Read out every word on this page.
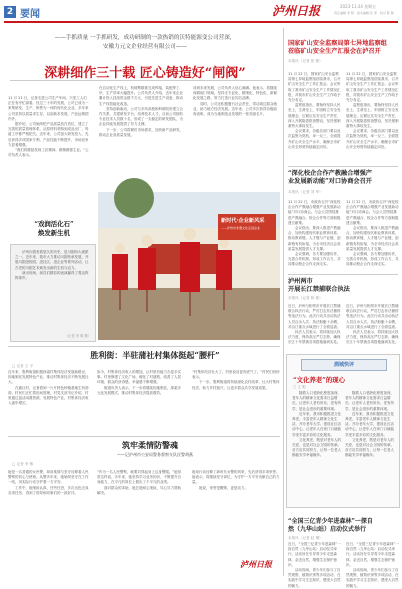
2 要闻	泸州日报	2023·11·24 星期五
责任编辑 李 明　美术编辑 张 青　校对 陈 敏
——手抓质量 一手抓研发，成功研制的一款热销的沃特能源变公司营深，
安徽力元文企业经营有限公司——
深耕细作三十载 匠心铸造好“闸阀”
11 月 21 日，记者走进公司生产车间，只见工人们正在有序忙碌着。经过三十年的发展，公司已成为一家集研发、生产、销售为一体的现代化企业。多年来公司坚持以质量求生存，以创新求发展，产品远销国内外。
　　据介绍，公司始终把产品质量放在首位，建立了完善的质量管理体系，从原材料采购到成品出厂，每道工序都严格把关。近年来，公司加大研发投入，先后获得多项国家专利，产品性能不断提升，市场竞争力显著增强。
　　“我们将继续发扬工匠精神，做精做强主业。”公司负责人表示。
在自动化生产线上，机械臂精准完成焊接、装配等工序，生产效率大幅提升。公司负责人介绍，近年来企业累计投入技改资金数千万元，引进先进生产设备，推动生产线智能化改造。
　　坚持创新驱动，公司与多所高校和科研院所建立合作关系，共建研发平台，培养技术人才。目前公司拥有专业技术人员数十名，形成了一支稳定的研发团队，为企业持续发展提供了有力支撑。
　　下一步，公司将紧盯市场需求，加快新产品研发，推动企业高质量发展。
谈到未来发展，公司负责人信心满满。他表示，将继续深耕阀门领域，坚持走专业化、精细化、特色化、新颖化发展之路，努力打造行业知名品牌。
　　同时，公司还积极履行社会责任，带动周边群众就业，助力地方经济发展。近年来，公司多次获得各级政府表彰，成为当地制造业发展的一张亮丽名片。
国家矿山安全监察局第七异地监察组
莅临矿山安全生产汇报会在泸召开
本报讯（记者 张 敏）
11 月 22 日，国家矿山安全监察局第七异地监察组莅临我市，召开矿山安全生产工作汇报会。会议听取了我市矿山安全生产工作情况汇报，对我市矿山安全生产工作给予充分肯定。
　　监察组指出，要始终坚持人民至上、生命至上，牢固树立安全发展理念，压紧压实安全生产责任，深入开展隐患排查整治，坚决遏制重特大事故发生。
　　会议要求，各级各部门要以此次监察为契机，举一反三，全面提升矿山安全生产水平，确保全市矿山安全形势持续稳定向好。
11 月 22 日，国家矿山安全监察局第七异地监察组莅临我市，召开矿山安全生产工作汇报会。会议听取了我市矿山安全生产工作情况汇报，对我市矿山安全生产工作给予充分肯定。
　　监察组指出，要始终坚持人民至上、生命至上，牢固树立安全发展理念，压紧压实安全生产责任，深入开展隐患排查整治，坚决遏制重特大事故发生。
　　会议要求，各级各部门要以此次监察为契机，举一反三，全面提升矿山安全生产水平，确保全市矿山安全形势持续稳定向好。
“深化校企合作产教融合增强产
业发展新动能”对口协商会召开
本报讯（记者 刘 华）
11 月 22 日，市政协召开“深化校企合作产教融合增强产业发展新动能”对口协商会。与会人员围绕推进产教融合、校企合作等方面积极建言献策。
　　会议指出，要深入推进产教融合，加快构建现代职业教育体系，推动教育链、人才链与产业链、创新链有机衔接，为全市经济社会高质量发展提供人才支撑。
　　会议强调，各方要加强协作，完善合作机制，形成工作合力，共同推动校企合作走深走实。
11 月 22 日，市政协召开“深化校企合作产教融合增强产业发展新动能”对口协商会。与会人员围绕推进产教融合、校企合作等方面积极建言献策。
　　会议指出，要深入推进产教融合，加快构建现代职业教育体系，推动教育链、人才链与产业链、创新链有机衔接，为全市经济社会高质量发展提供人才支撑。
　　会议强调，各方要加强协作，完善合作机制，形成工作合力，共同推动校企合作走深走实。
泸州两市
开展长江禁捕联合执法
本报讯（记者 陈 敏）
近日，泸州与相邻市开展长江禁捕联合执法行动，严厉打击非法捕捞等违法行为。此次行动共出动执法人员百余人次、执法船艇十余艘，对沿江重点水域进行了全面巡查。
　　执法人员表示，将持续加大执法力度，保持高压严打态势，确保长江十年禁渔各项措施落到实处。
近日，泸州与相邻市开展长江禁捕联合执法行动，严厉打击非法捕捞等违法行为。此次行动共出动执法人员百余人次、执法船艇十余艘，对沿江重点水域进行了全面巡查。
　　执法人员表示，将持续加大执法力度，保持高压严打态势，确保长江十年禁渔各项措施落到实处。
新时代·企业新风采
——泸州市非遗文化走进企业
“戏润活化石”
焕发新生机
　　泸州川剧有着悠久的历史，是川剧四大流派之一。近年来，我市大力推动川剧传承发展，开展川剧进校园、进社区、进企业等系列活动，让古老的川剧艺术焕发出新的生机与活力。
　　演出现场，演员们精彩的表演赢得了观众阵阵掌声。
（记者 李 明 摄）
胜利街：半驻蒲社村集体挺起“腰杆”
□ 记者 王 平
近年来，胜利街道积极探索村集体经济发展新路径，因地制宜发展特色产业，推动村集体经济不断发展壮大。
　　在蒲社村，记者看到一片片特色种植基地生机勃勃，村民们正忙着田间管理。村党支部书记介绍，村里通过盘活闲置资源，发展特色产业，村集体经济收入逐年增长。
如今，村集体经济收入的增加，让村里有能力办更多实事。村里修建了文化广场，硬化了村道路，改善了人居环境，群众的获得感、幸福感不断增强。
　　街道负责人表示，下一步将继续因地制宜，探索多元化发展模式，推动村集体经济提质增效。
“村集体经济壮大了，村里说话更有底气了。”村民们纷纷表示。
　　下一步，胜利街道将持续深化农村改革，壮大村集体经济，助力乡村振兴，让更多群众共享发展成果。
筑牢柔情防警魂
——记泸州市公安局警务督察支队民警胡燕
□ 记者 李 敏
她是一名普通的女民警，却用柔情与坚守诠释着人民警察的初心与使命。从警多年来，她始终坚守在工作一线，用实际行动守护着一方平安。
　　工作中，她细致认真、任劳任怨，多次出色完成各项任务，得到了领导和同事们的一致好评。
“作为一名人民警察，就要对得起身上这身警服。”她常常这样说。多年来，她坚持学习业务知识，不断提升自身能力，在平凡的岗位上做出了不平凡的业绩。
　　面对群众的求助，她总是耐心细致，尽心尽力帮助解决。
她用行动诠释了新时代女警的风采，先后获得多项荣誉。她表示，将继续坚守岗位，为守护一方平安贡献自己的力量。
　　她说，荣誉是鞭策，更是动力。
泸州日报
酒城快评
“文化养老”的现心
□ 王 明
　　随着人口老龄化程度加深，老年人的精神文化需求日益增长。让老年人老有所乐、老有所学，是社会进步的重要体现。
　　近年来，我市积极推进文化养老，丰富老年人精神文化生活，开办老年大学、建设社区活动中心，让老年人在家门口就能享受丰富多彩的文化服务。
　　文化养老，既是对老年人的关爱，也是对社会文明的传承。各方应共同努力，让每一位老人都能安享幸福晚年。
　　随着人口老龄化程度加深，老年人的精神文化需求日益增长。让老年人老有所乐、老有所学，是社会进步的重要体现。
　　近年来，我市积极推进文化养老，丰富老年人精神文化生活，开办老年大学、建设社区活动中心，让老年人在家门口就能享受丰富多彩的文化服务。
　　文化养老，既是对老年人的关爱，也是对社会文明的传承。各方应共同努力，让每一位老人都能安享幸福晚年。
“全国三亿青少年进森林”一探自
然（九华山站）启动仪式举行
本报讯（记者 赵 琳）
近日，“全国三亿青少年进森林”一探自然（九华山站）启动仪式举行。活动旨在引导青少年走进森林、亲近自然，增强生态保护意识。
　　活动现场，青少年们参与了自然观察、植物识别等多项活动，在实践中学习生态知识，感受大自然的魅力。
近日，“全国三亿青少年进森林”一探自然（九华山站）启动仪式举行。活动旨在引导青少年走进森林、亲近自然，增强生态保护意识。
　　活动现场，青少年们参与了自然观察、植物识别等多项活动，在实践中学习生态知识，感受大自然的魅力。
